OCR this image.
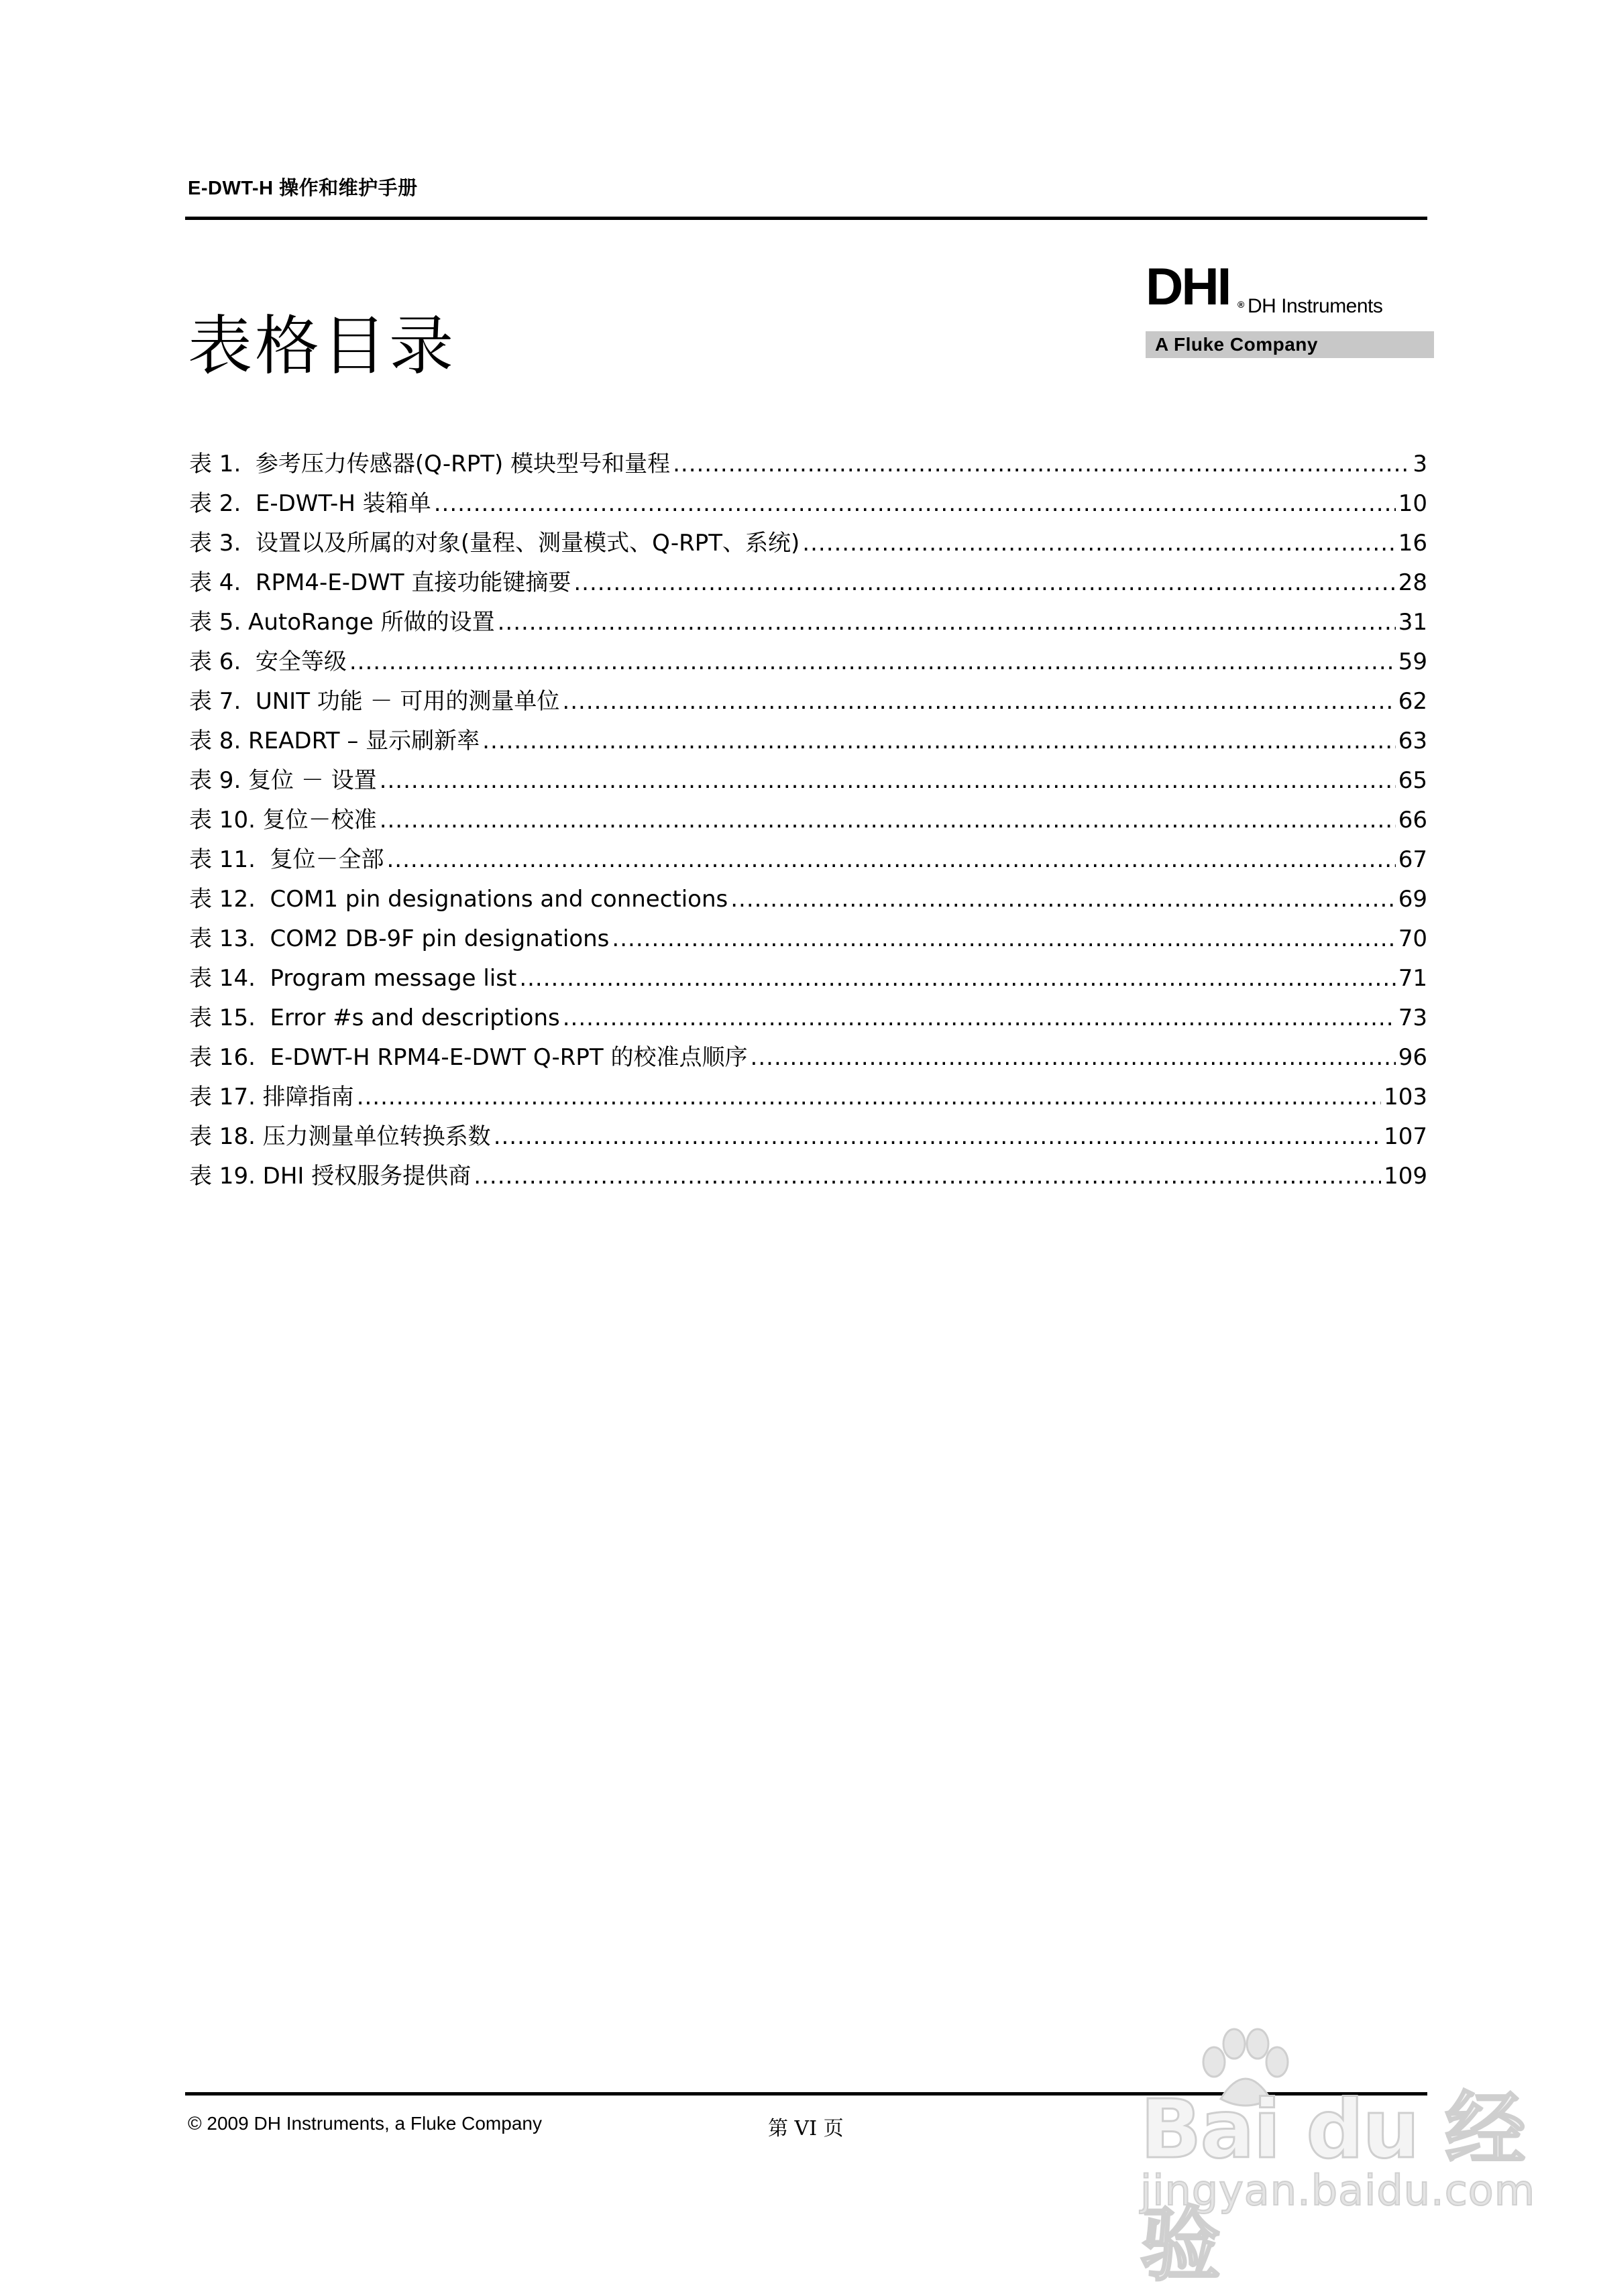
E-DWT-H 操作和维护手册
表格目录
DHI ® DH Instruments
A Fluke Company
表 1.  参考压力传感器(Q-RPT) 模块型号和量程 .....	3
表 2.  E-DWT-H 装箱单 .....	10
表 3.  设置以及所属的对象(量程、测量模式、Q-RPT、系统) .....	16
表 4.  RPM4-E-DWT 直接功能键摘要 .....	28
表 5. AutoRange 所做的设置 .....	31
表 6.  安全等级 .....	59
表 7.  UNIT 功能 － 可用的测量单位 .....	62
表 8. READRT – 显示刷新率 .....	63
表 9. 复位 － 设置 .....	65
表 10. 复位－校准 .....	66
表 11.  复位－全部 .....	67
表 12.  COM1 pin designations and connections .....	69
表 13.  COM2 DB-9F pin designations .....	70
表 14.  Program message list .....	71
表 15.  Error #s and descriptions .....	73
表 16.  E-DWT-H RPM4-E-DWT Q-RPT 的校准点顺序 .....	96
表 17. 排障指南 .....	103
表 18. 压力测量单位转换系数 .....	107
表 19. DHI 授权服务提供商 .....	109
© 2009 DH Instruments, a Fluke Company	第 VI 页	Bai du 经验
jingyan.baidu.com
